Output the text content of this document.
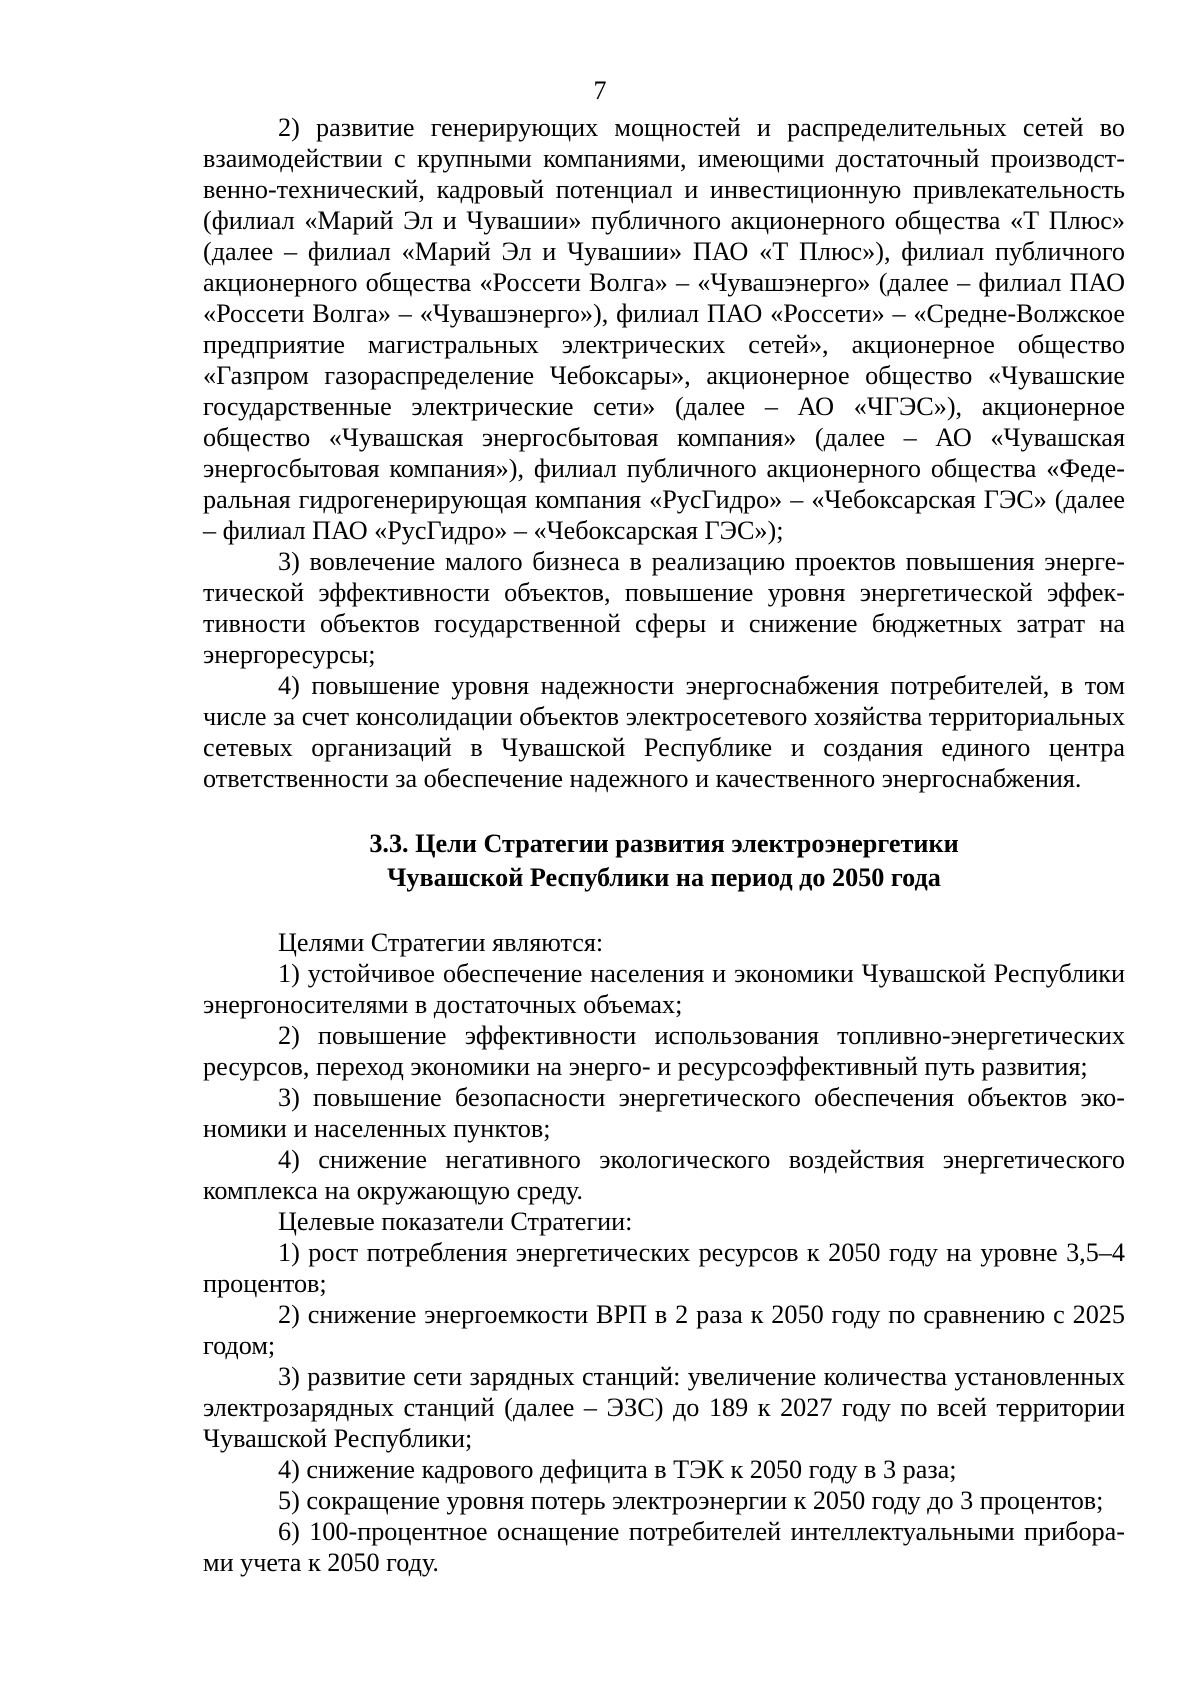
7

2) развитие генерирующих мощностей и распределительных сетей во взаимодействии с крупными компаниями, имеющими достаточный производственно-технический, кадровый потенциал и инвестиционную привлекательность (филиал «Марий Эл и Чувашии» публичного акционерного общества «Т Плюс» (далее – филиал «Марий Эл и Чувашии» ПАО «Т Плюс»), филиал публичного акционерного общества «Россети Волга» – «Чувашэнерго» (далее – филиал ПАО «Россети Волга» – «Чувашэнерго»), филиал ПАО «Россети» – «Средне-Волжское предприятие магистральных электрических сетей», акционерное общество «Газпром газораспределение Чебоксары», акционерное общество «Чувашские государственные электрические сети» (далее – АО «ЧГЭС»), акционерное общество «Чувашская энергосбытовая компания» (далее – АО «Чувашская энергосбытовая компания»), филиал публичного акционерного общества «Федеральная гидрогенерирующая компания «РусГидро» – «Чебоксарская ГЭС» (далее – филиал ПАО «РусГидро» – «Чебоксарская ГЭС»);

3) вовлечение малого бизнеса в реализацию проектов повышения энергетической эффективности объектов, повышение уровня энергетической эффективности объектов государственной сферы и снижение бюджетных затрат на энергоресурсы;

4) повышение уровня надежности энергоснабжения потребителей, в том числе за счет консолидации объектов электросетевого хозяйства территориальных сетевых организаций в Чувашской Республике и создания единого центра ответственности за обеспечение надежного и качественного энергоснабжения.

3.3. Цели Стратегии развития электроэнергетики
Чувашской Республики на период до 2050 года

Целями Стратегии являются:

1) устойчивое обеспечение населения и экономики Чувашской Республики энергоносителями в достаточных объемах;

2) повышение эффективности использования топливно-энергетических ресурсов, переход экономики на энерго- и ресурсоэффективный путь развития;

3) повышение безопасности энергетического обеспечения объектов экономики и населенных пунктов;

4) снижение негативного экологического воздействия энергетического комплекса на окружающую среду.

Целевые показатели Стратегии:

1) рост потребления энергетических ресурсов к 2050 году на уровне 3,5–4 процентов;

2) снижение энергоемкости ВРП в 2 раза к 2050 году по сравнению с 2025 годом;

3) развитие сети зарядных станций: увеличение количества установленных электрозарядных станций (далее – ЭЗС) до 189 к 2027 году по всей территории Чувашской Республики;

4) снижение кадрового дефицита в ТЭК к 2050 году в 3 раза;

5) сокращение уровня потерь электроэнергии к 2050 году до 3 процентов;

6) 100-процентное оснащение потребителей интеллектуальными приборами учета к 2050 году.
